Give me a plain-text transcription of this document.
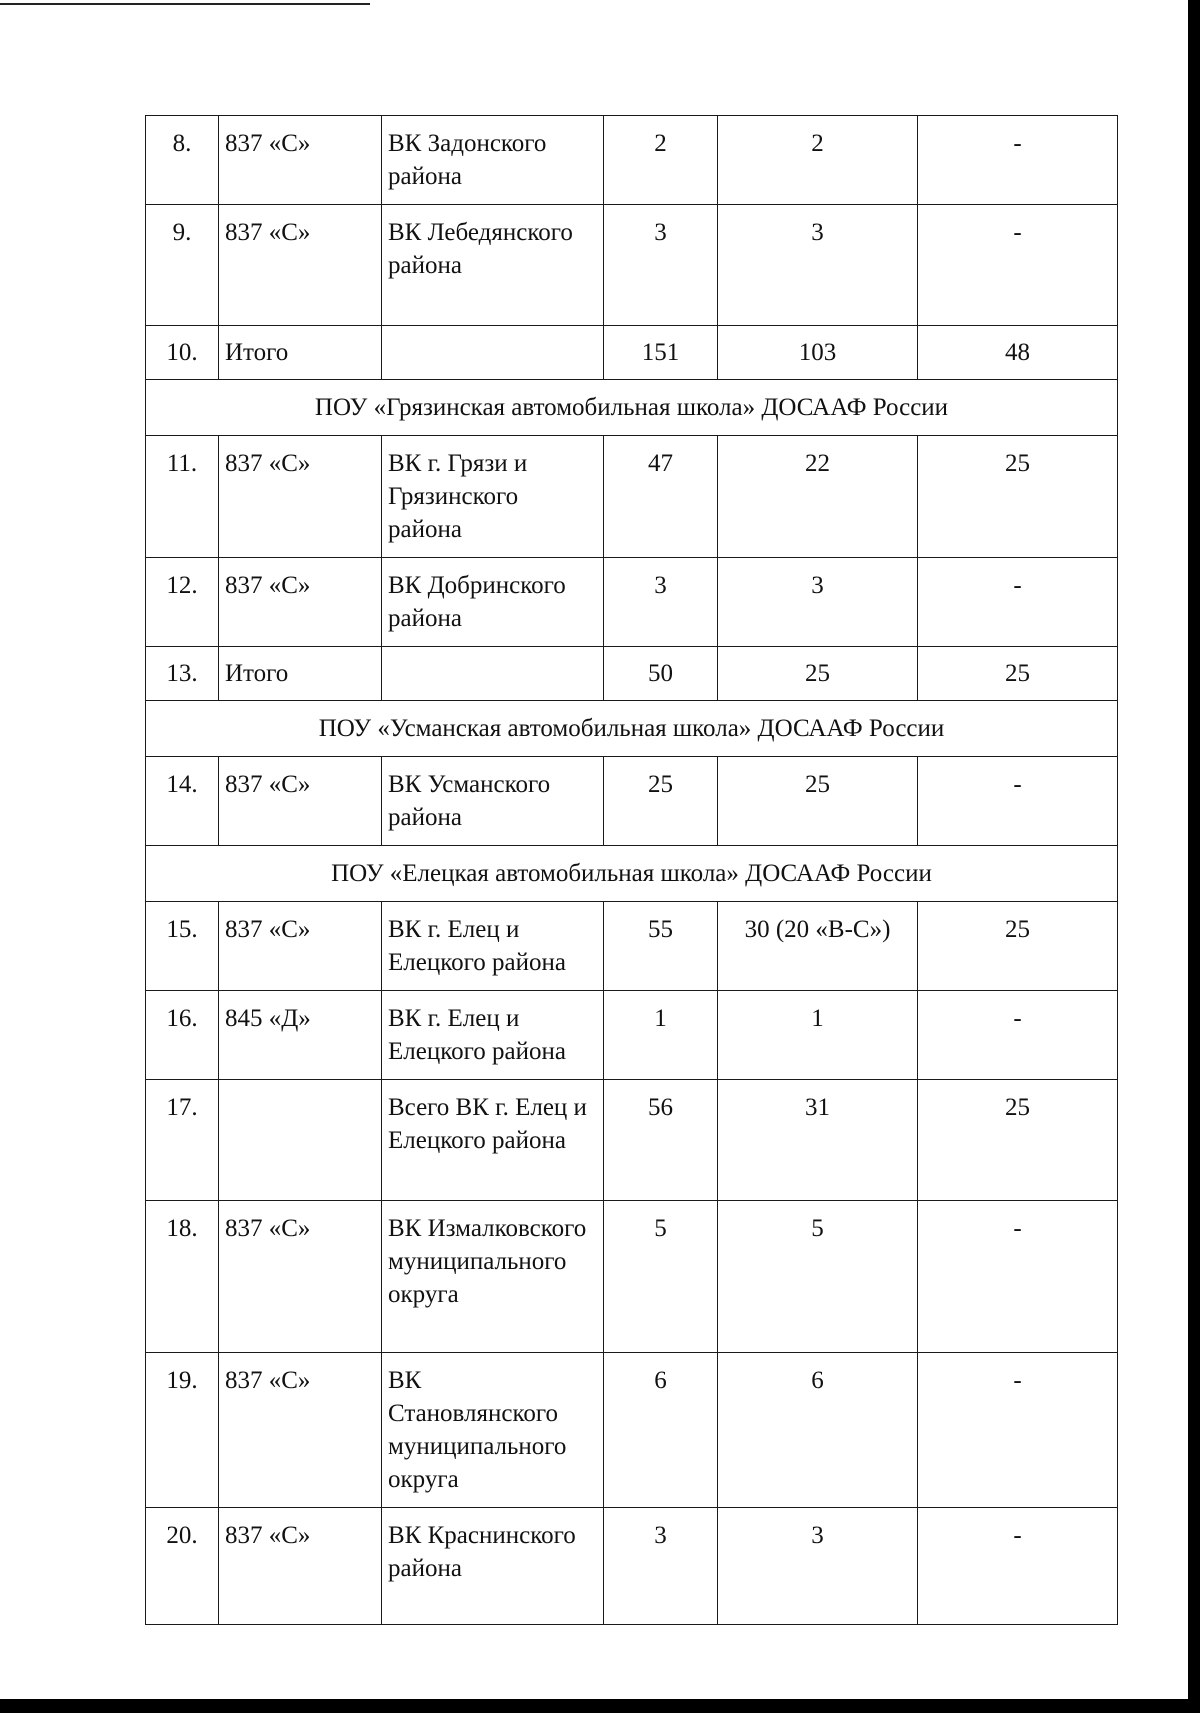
8.	837 «С»	ВК Задонского района	2	2	-
9.	837 «С»	ВК Лебедянского района	3	3	-
10.	Итого		151	103	48
ПОУ «Грязинская автомобильная школа» ДОСААФ России					
11.	837 «С»	ВК г. Грязи и Грязинского района	47	22	25
12.	837 «С»	ВК Добринского района	3	3	-
13.	Итого		50	25	25
ПОУ «Усманская автомобильная школа» ДОСААФ России					
14.	837 «С»	ВК Усманского района	25	25	-
ПОУ «Елецкая автомобильная школа» ДОСААФ России					
15.	837 «С»	ВК г. Елец и Елецкого района	55	30 (20 «В-С»)	25
16.	845 «Д»	ВК г. Елец и Елецкого района	1	1	-
17.		Всего ВК г. Елец и Елецкого района	56	31	25
18.	837 «С»	ВК Измалковского муниципального округа	5	5	-
19.	837 «С»	ВК Становлянского муниципального округа	6	6	-
20.	837 «С»	ВК Краснинского района	3	3	-
